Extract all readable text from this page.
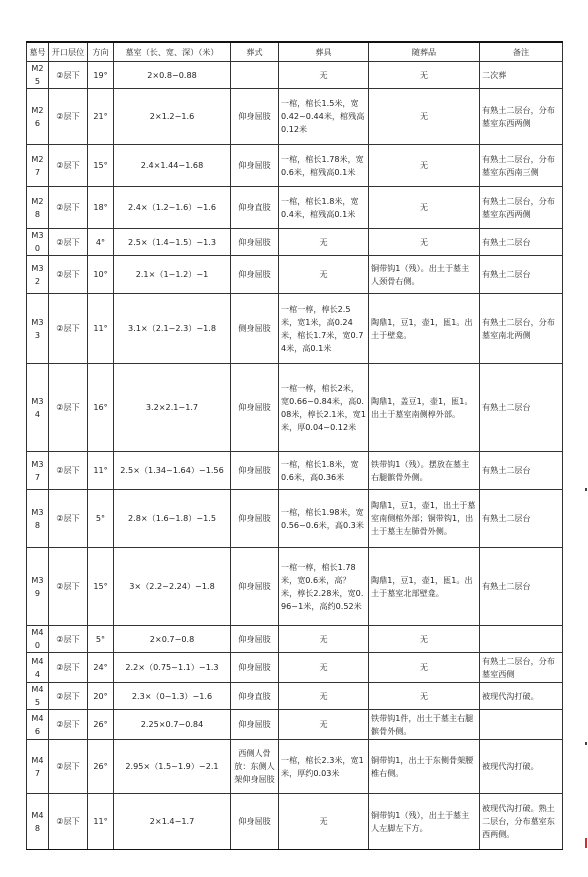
墓号	开口层位	方向	墓室（长、宽、深）（米）	葬式	葬具	随葬品	备注
M25	②层下	19°	2×0.8−0.88		无	无	二次葬
M26	②层下	21°	2×1.2−1.6	仰身屈肢	一棺，棺长1.5米，宽0.42~0.44米，棺残高0.12米	无	有熟土二层台，分布墓室东西两侧
M27	②层下	15°	2.4×1.44−1.68	仰身屈肢	一棺，棺长1.78米，宽0.6米，棺残高0.1米	无	有熟土二层台，分布墓室东西南三侧
M28	②层下	18°	2.4×（1.2~1.6）−1.6	仰身直肢	一棺，棺长1.8米，宽0.4米，棺残高0.1米	无	有熟土二层台，分布墓室东西两侧
M30	②层下	4°	2.5×（1.4~1.5）−1.3	仰身屈肢	无	无	有熟土二层台
M32	②层下	10°	2.1×（1~1.2）−1	仰身屈肢	无	铜带钩1（残）。出土于墓主人颈骨右侧。	有熟土二层台
M33	②层下	11°	3.1×（2.1~2.3）−1.8	侧身屈肢	一棺一椁，椁长2.5米，宽1米，高0.24米，棺长1.7米，宽0.74米，高0.1米	陶鼎1，豆1，壶1，匜1。出土于壁龛。	有熟土二层台，分布墓室南北两侧
M34	②层下	16°	3.2×2.1−1.7	仰身屈肢	一棺一椁，棺长2米，宽0.66~0.84米，高0.08米，椁长2.1米，宽1米，厚0.04~0.12米	陶鼎1，盖豆1，壶1，匜1。出土于墓室南侧椁外部。	有熟土二层台
M37	②层下	11°	2.5×（1.34~1.64）−1.56	仰身屈肢	一棺，棺长1.8米，宽0.6米，高0.36米	铁带钩1（残）。摆放在墓主右腿髌骨外侧。	有熟土二层台
M38	②层下	5°	2.8×（1.6~1.8）−1.5	仰身屈肢	一棺，棺长1.98米，宽0.56~0.6米，高0.3米	陶鼎1，豆1，壶1，出土于墓室南侧棺外部；铜带钩1，出土于墓主左肺骨外侧。	有熟土二层台
M39	②层下	15°	3×（2.2~2.24）−1.8	仰身屈肢	一棺一椁，棺长1.78米，宽0.6米，高？米，椁长2.28米，宽0.96~1米，高约0.52米	陶鼎1，豆1，壶1，匜1。出土于墓室北部壁龛。	有熟土二层台
M40	②层下	5°	2×0.7−0.8	仰身屈肢	无	无	
M44	②层下	24°	2.2×（0.75~1.1）−1.3	仰身屈肢	无	无	有熟土二层台，分布墓室西侧
M45	②层下	20°	2.3×（0~1.3）−1.6	仰身直肢	无	无	被现代沟打破。
M46	②层下	26°	2.25×0.7−0.84	仰身屈肢	无	铁带钩1件，出土于墓主右腿髌骨外侧。	
M47	②层下	26°	2.95×（1.5~1.9）−2.1	西侧人骨放：东侧人架仰身屈肢	一棺，棺长2.3米，宽1米，厚约0.03米	铜带钩1，出土于东侧骨架腰椎右侧。	被现代沟打破。
M48	②层下	11°	2×1.4−1.7	仰身屈肢	无	铜带钩1（残），出土于墓主人左脚左下方。	被现代沟打破。熟土二层台，分布墓室东西两侧。
